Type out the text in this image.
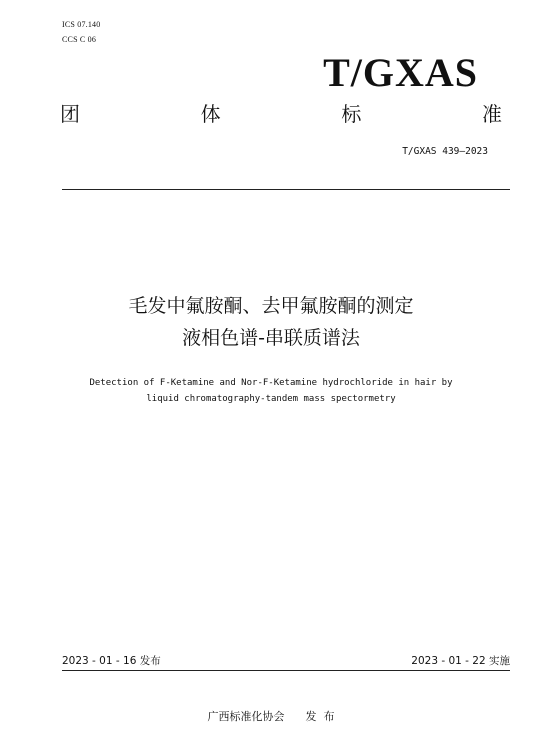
ICS 07.140
CCS C 06
T/GXAS
团	体	标	准
T/GXAS 439—2023
毛发中氟胺酮、去甲氟胺酮的测定
液相色谱-串联质谱法
Detection of F-Ketamine and Nor-F-Ketamine hydrochloride in hair by
liquid chromatography-tandem mass spectormetry
2023 - 01 - 16 发布	2023 - 01 - 22 实施
广西标准化协会      发  布
